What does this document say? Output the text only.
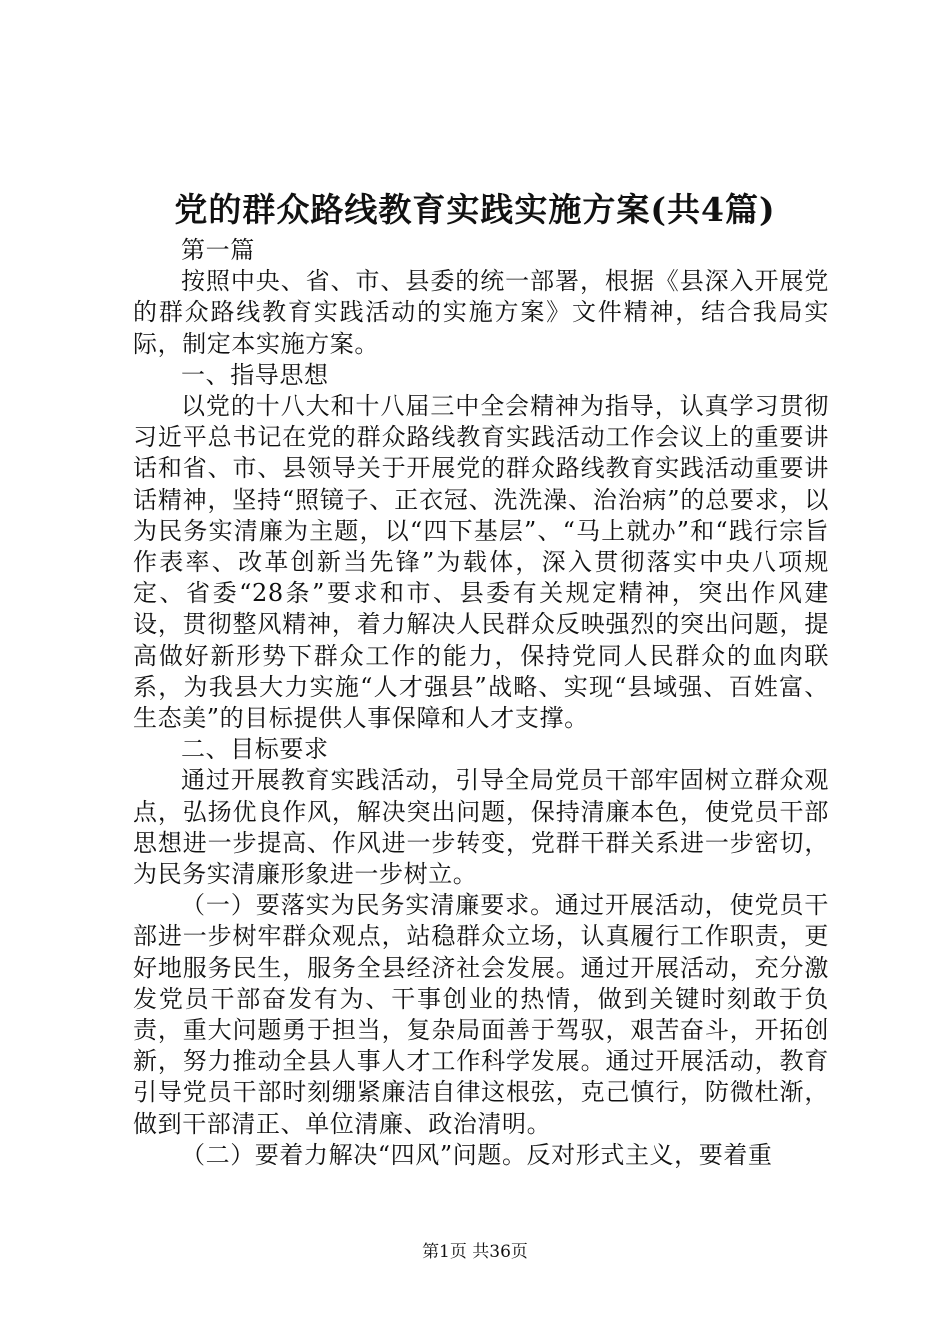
党的群众路线教育实践实施方案(共4篇)

第一篇

按照中央、省、市、县委的统一部署，根据《县深入开展党的群众路线教育实践活动的实施方案》文件精神，结合我局实际，制定本实施方案。

一、指导思想

以党的十八大和十八届三中全会精神为指导，认真学习贯彻习近平总书记在党的群众路线教育实践活动工作会议上的重要讲话和省、市、县领导关于开展党的群众路线教育实践活动重要讲话精神，坚持“照镜子、正衣冠、洗洗澡、治治病”的总要求，以为民务实清廉为主题，以“四下基层”、“马上就办”和“践行宗旨作表率、改革创新当先锋”为载体，深入贯彻落实中央八项规定、省委“28条”要求和市、县委有关规定精神，突出作风建设，贯彻整风精神，着力解决人民群众反映强烈的突出问题，提高做好新形势下群众工作的能力，保持党同人民群众的血肉联系，为我县大力实施“人才强县”战略、实现“县域强、百姓富、生态美”的目标提供人事保障和人才支撑。

二、目标要求

通过开展教育实践活动，引导全局党员干部牢固树立群众观点，弘扬优良作风，解决突出问题，保持清廉本色，使党员干部思想进一步提高、作风进一步转变，党群干群关系进一步密切，为民务实清廉形象进一步树立。

（一）要落实为民务实清廉要求。通过开展活动，使党员干部进一步树牢群众观点，站稳群众立场，认真履行工作职责，更好地服务民生，服务全县经济社会发展。通过开展活动，充分激发党员干部奋发有为、干事创业的热情，做到关键时刻敢于负责，重大问题勇于担当，复杂局面善于驾驭，艰苦奋斗，开拓创新，努力推动全县人事人才工作科学发展。通过开展活动，教育引导党员干部时刻绷紧廉洁自律这根弦，克己慎行，防微杜渐，做到干部清正、单位清廉、政治清明。

（二）要着力解决“四风”问题。反对形式主义，要着重

第1页 共36页
